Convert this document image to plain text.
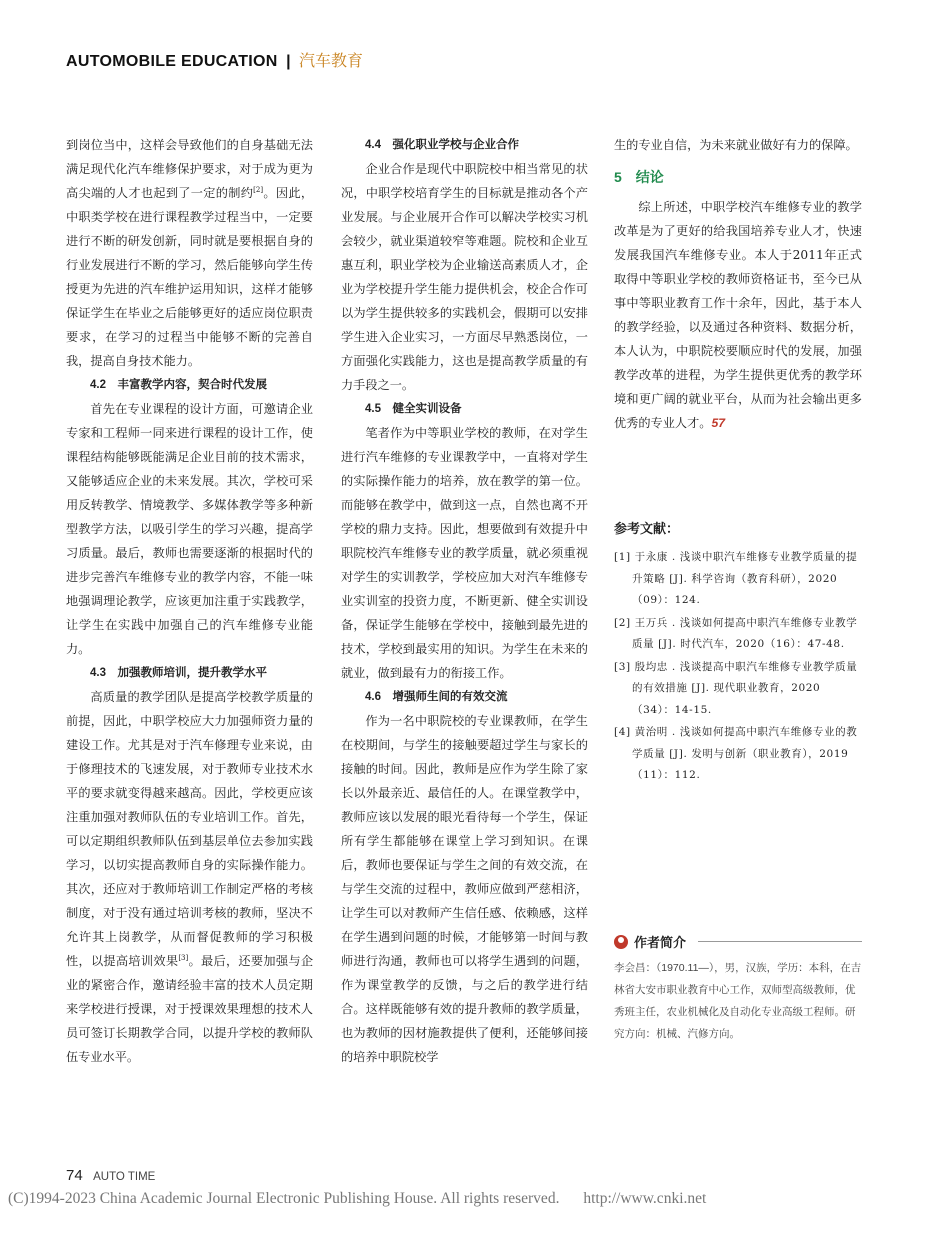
AUTOMOBILE EDUCATION | 汽车教育

到岗位当中，这样会导致他们的自身基础无法满足现代化汽车维修保护要求，对于成为更为高尖端的人才也起到了一定的制约[2]。因此，中职类学校在进行课程教学过程当中，一定要进行不断的研发创新，同时就是要根据自身的行业发展进行不断的学习，然后能够向学生传授更为先进的汽车维护运用知识，这样才能够保证学生在毕业之后能够更好的适应岗位职责要求，在学习的过程当中能够不断的完善自我，提高自身技术能力。

4.2　丰富教学内容，契合时代发展

首先在专业课程的设计方面，可邀请企业专家和工程师一同来进行课程的设计工作，使课程结构能够既能满足企业目前的技术需求，又能够适应企业的未来发展。其次，学校可采用反转教学、情境教学、多媒体教学等多种新型教学方法，以吸引学生的学习兴趣，提高学习质量。最后，教师也需要逐渐的根据时代的进步完善汽车维修专业的教学内容，不能一味地强调理论教学，应该更加注重于实践教学，让学生在实践中加强自己的汽车维修专业能力。

4.3　加强教师培训，提升教学水平

高质量的教学团队是提高学校教学质量的前提，因此，中职学校应大力加强师资力量的建设工作。尤其是对于汽车修理专业来说，由于修理技术的飞速发展，对于教师专业技术水平的要求就变得越来越高。因此，学校更应该注重加强对教师队伍的专业培训工作。首先，可以定期组织教师队伍到基层单位去参加实践学习，以切实提高教师自身的实际操作能力。其次，还应对于教师培训工作制定严格的考核制度，对于没有通过培训考核的教师，坚决不允许其上岗教学，从而督促教师的学习积极性，以提高培训效果[3]。最后，还要加强与企业的紧密合作，邀请经验丰富的技术人员定期来学校进行授课，对于授课效果理想的技术人员可签订长期教学合同，以提升学校的教师队伍专业水平。

4.4　强化职业学校与企业合作

企业合作是现代中职院校中相当常见的状况，中职学校培育学生的目标就是推动各个产业发展。与企业展开合作可以解决学校实习机会较少，就业渠道较窄等难题。院校和企业互惠互利，职业学校为企业输送高素质人才，企业为学校提升学生能力提供机会，校企合作可以为学生提供较多的实践机会，假期可以安排学生进入企业实习，一方面尽早熟悉岗位，一方面强化实践能力，这也是提高教学质量的有力手段之一。

4.5　健全实训设备

笔者作为中等职业学校的教师，在对学生进行汽车维修的专业课教学中，一直将对学生的实际操作能力的培养，放在教学的第一位。而能够在教学中，做到这一点，自然也离不开学校的鼎力支持。因此，想要做到有效提升中职院校汽车维修专业的教学质量，就必须重视对学生的实训教学，学校应加大对汽车维修专业实训室的投资力度，不断更新、健全实训设备，保证学生能够在学校中，接触到最先进的技术，学校到最实用的知识。为学生在未来的就业，做到最有力的衔接工作。

4.6　增强师生间的有效交流

作为一名中职院校的专业课教师，在学生在校期间，与学生的接触要超过学生与家长的接触的时间。因此，教师是应作为学生除了家长以外最亲近、最信任的人。在课堂教学中，教师应该以发展的眼光看待每一个学生，保证所有学生都能够在课堂上学习到知识。在课后，教师也要保证与学生之间的有效交流，在与学生交流的过程中，教师应做到严慈相济，让学生可以对教师产生信任感、依赖感，这样在学生遇到问题的时候，才能够第一时间与教师进行沟通，教师也可以将学生遇到的问题，作为课堂教学的反馈，与之后的教学进行结合。这样既能够有效的提升教师的教学质量，也为教师的因材施教提供了便利，还能够间接的培养中职院校学

生的专业自信，为未来就业做好有力的保障。

5　结论

综上所述，中职学校汽车维修专业的教学改革是为了更好的给我国培养专业人才，快速发展我国汽车维修专业。本人于2011年正式取得中等职业学校的教师资格证书，至今已从事中等职业教育工作十余年，因此，基于本人的教学经验，以及通过各种资料、数据分析，本人认为，中职院校要顺应时代的发展，加强教学改革的进程，为学生提供更优秀的教学环境和更广阔的就业平台，从而为社会输出更多优秀的专业人才。57

参考文献：
[1] 于永康 . 浅谈中职汽车维修专业教学质量的提升策略 [J]. 科学咨询（教育科研），2020（09）：124.
[2] 王万兵 . 浅谈如何提高中职汽车维修专业教学质量 [J]. 时代汽车，2020（16）：47-48.
[3] 殷均忠 . 浅谈提高中职汽车维修专业教学质量的有效措施 [J]. 现代职业教育，2020（34）：14-15.
[4] 黄治明 . 浅谈如何提高中职汽车维修专业的教学质量 [J]. 发明与创新（职业教育），2019（11）：112.
作者简介
李会昌：（1970.11—），男，汉族，学历：本科，在吉林省大安市职业教育中心工作，双师型高级教师，优秀班主任，农业机械化及自动化专业高级工程师。研究方向：机械、汽修方向。
74 AUTO TIME
(C)1994-2023 China Academic Journal Electronic Publishing House. All rights reserved. http://www.cnki.net
